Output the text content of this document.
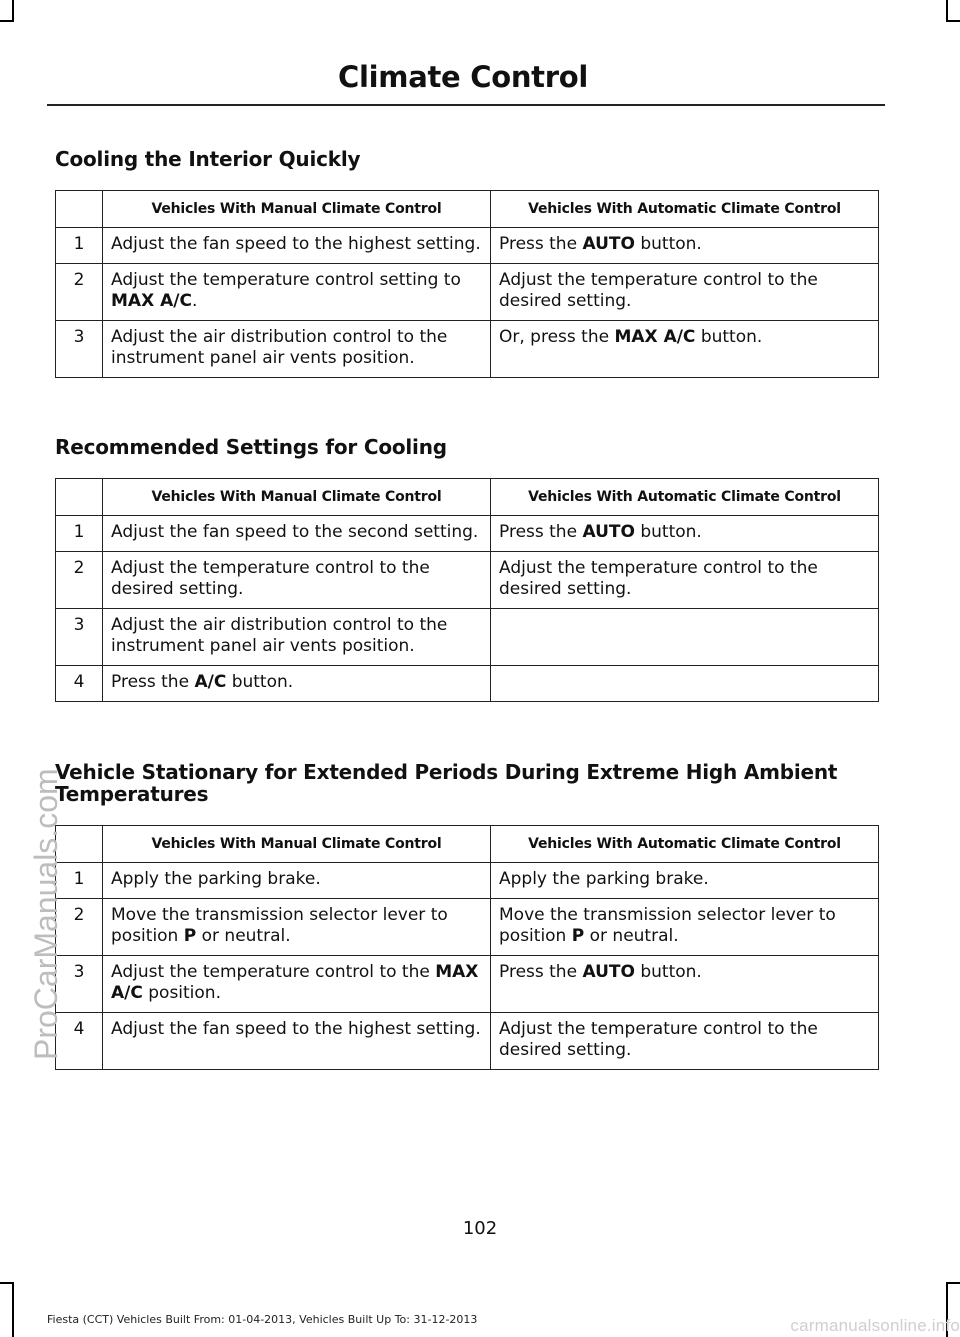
Climate Control
Cooling the Interior Quickly
	Vehicles With Manual Climate Control	Vehicles With Automatic Climate Control
1	Adjust the fan speed to the highest setting.	Press the AUTO button.
2	Adjust the temperature control setting to MAX A/C.	Adjust the temperature control to the desired setting.
3	Adjust the air distribution control to the instrument panel air vents position.	Or, press the MAX A/C button.
Recommended Settings for Cooling
	Vehicles With Manual Climate Control	Vehicles With Automatic Climate Control
1	Adjust the fan speed to the second setting.	Press the AUTO button.
2	Adjust the temperature control to the desired setting.	Adjust the temperature control to the desired setting.
3	Adjust the air distribution control to the instrument panel air vents position.	
4	Press the A/C button.	
Vehicle Stationary for Extended Periods During Extreme High Ambient Temperatures
	Vehicles With Manual Climate Control	Vehicles With Automatic Climate Control
1	Apply the parking brake.	Apply the parking brake.
2	Move the transmission selector lever to position P or neutral.	Move the transmission selector lever to position P or neutral.
3	Adjust the temperature control to the MAX A/C position.	Press the AUTO button.
4	Adjust the fan speed to the highest setting.	Adjust the temperature control to the desired setting.
102
Fiesta (CCT) Vehicles Built From: 01-04-2013, Vehicles Built Up To: 31-12-2013
ProCarManuals.com
carmanualsonline.info
